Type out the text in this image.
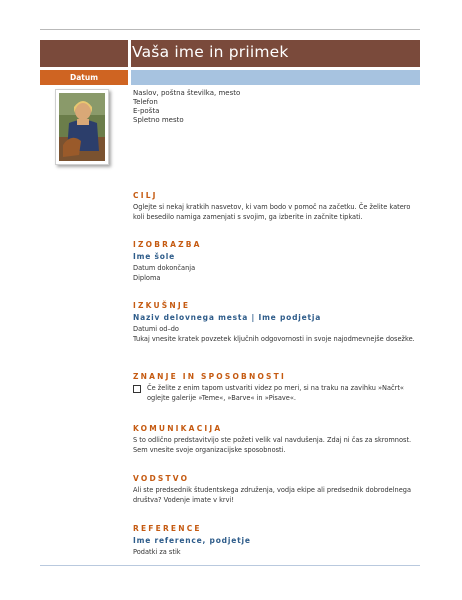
Vaša ime in priimek
Datum
Naslov, poštna številka, mesto
Telefon
E-pošta
Spletno mesto
CILJ

Oglejte si nekaj kratkih nasvetov, ki vam bodo v pomoč na začetku. Če želite katero koli besedilo namiga zamenjati s svojim, ga izberite in začnite tipkati.

IZOBRAZBA
Ime šole

Datum dokončanja

Diploma

IZKUŠNJE
Naziv delovnega mesta | Ime podjetja

Datumi od–do

Tukaj vnesite kratek povzetek ključnih odgovornosti in svoje najodmevnejše dosežke.

ZNANJE IN SPOSOBNOSTI

Če želite z enim tapom ustvariti videz po meri, si na traku na zavihku »Načrt« oglejte galerije »Teme«, »Barve« in »Pisave«.

KOMUNIKACIJA

S to odlično predstavitvijo ste požeti velik val navdušenja. Zdaj ni čas za skromnost. Sem vnesite svoje organizacijske sposobnosti.

VODSTVO

Ali ste predsednik študentskega združenja, vodja ekipe ali predsednik dobrodelnega društva? Vodenje imate v krvi!

REFERENCE
Ime reference, podjetje

Podatki za stik
